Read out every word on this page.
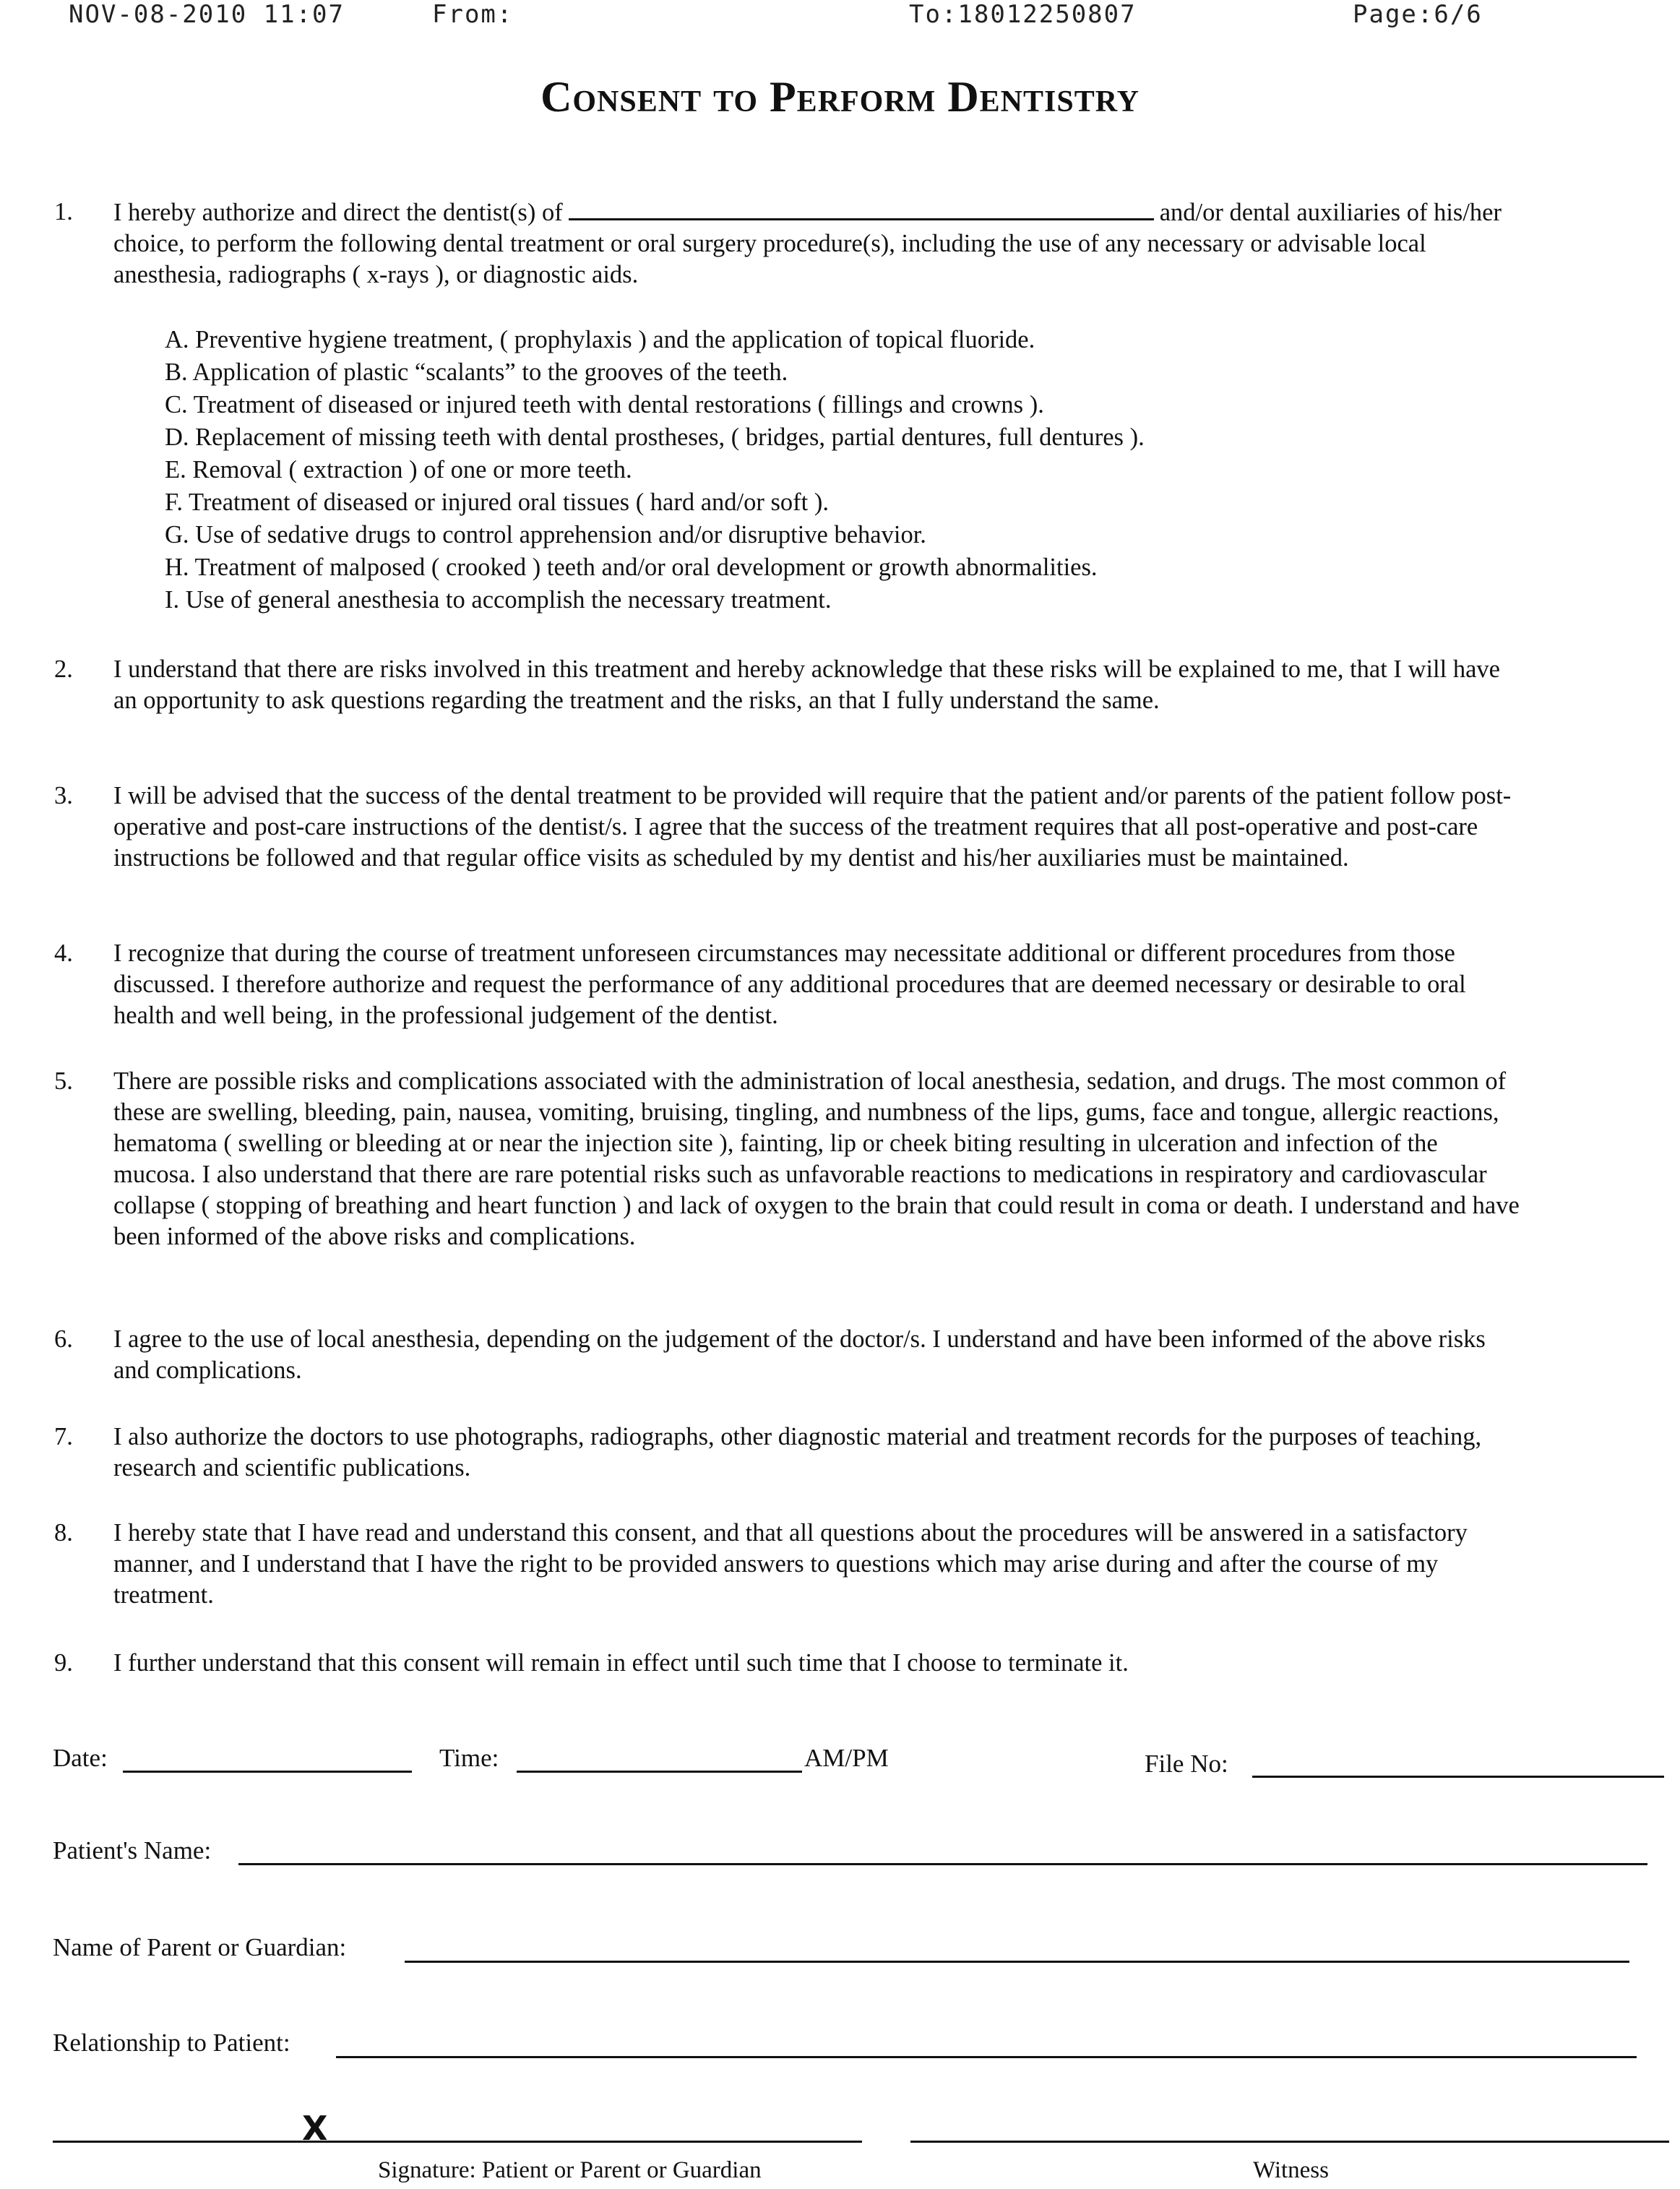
NOV-08-2010 11:07	From:	To:18012250807	Page:6/6
Consent to Perform Dentistry
1. I hereby authorize and direct the dentist(s) of	and/or dental auxiliaries of his/her choice, to perform the following dental treatment or oral surgery procedure(s), including the use of any necessary or advisable local anesthesia, radiographs ( x-rays ), or diagnostic aids.
A. Preventive hygiene treatment, ( prophylaxis ) and the application of topical fluoride.
B. Application of plastic “scalants” to the grooves of the teeth.
C. Treatment of diseased or injured teeth with dental restorations ( fillings and crowns ).
D. Replacement of missing teeth with dental prostheses, ( bridges, partial dentures, full dentures ).
E. Removal ( extraction ) of one or more teeth.
F. Treatment of diseased or injured oral tissues ( hard and/or soft ).
G. Use of sedative drugs to control apprehension and/or disruptive behavior.
H. Treatment of malposed ( crooked ) teeth and/or oral development or growth abnormalities.
I. Use of general anesthesia to accomplish the necessary treatment.
2. I understand that there are risks involved in this treatment and hereby acknowledge that these risks will be explained to me, that I will have an opportunity to ask questions regarding the treatment and the risks, an that I fully understand the same.
3. I will be advised that the success of the dental treatment to be provided will require that the patient and/or parents of the patient follow post-operative and post-care instructions of the dentist/s. I agree that the success of the treatment requires that all post-operative and post-care instructions be followed and that regular office visits as scheduled by my dentist and his/her auxiliaries must be maintained.
4. I recognize that during the course of treatment unforeseen circumstances may necessitate additional or different procedures from those discussed. I therefore authorize and request the performance of any additional procedures that are deemed necessary or desirable to oral health and well being, in the professional judgement of the dentist.
5. There are possible risks and complications associated with the administration of local anesthesia, sedation, and drugs. The most common of these are swelling, bleeding, pain, nausea, vomiting, bruising, tingling, and numbness of the lips, gums, face and tongue, allergic reactions, hematoma ( swelling or bleeding at or near the injection site ), fainting, lip or cheek biting resulting in ulceration and infection of the mucosa. I also understand that there are rare potential risks such as unfavorable reactions to medications in respiratory and cardiovascular collapse ( stopping of breathing and heart function ) and lack of oxygen to the brain that could result in coma or death. I understand and have been informed of the above risks and complications.
6. I agree to the use of local anesthesia, depending on the judgement of the doctor/s. I understand and have been informed of the above risks and complications.
7. I also authorize the doctors to use photographs, radiographs, other diagnostic material and treatment records for the purposes of teaching, research and scientific publications.
8. I hereby state that I have read and understand this consent, and that all questions about the procedures will be answered in a satisfactory manner, and I understand that I have the right to be provided answers to questions which may arise during and after the course of my treatment.
9. I further understand that this consent will remain in effect until such time that I choose to terminate it.
Date:	Time:	AM/PM	File No:
Patient's Name:
Name of Parent or Guardian:
Relationship to Patient:
X
Signature: Patient or Parent or Guardian	Witness
